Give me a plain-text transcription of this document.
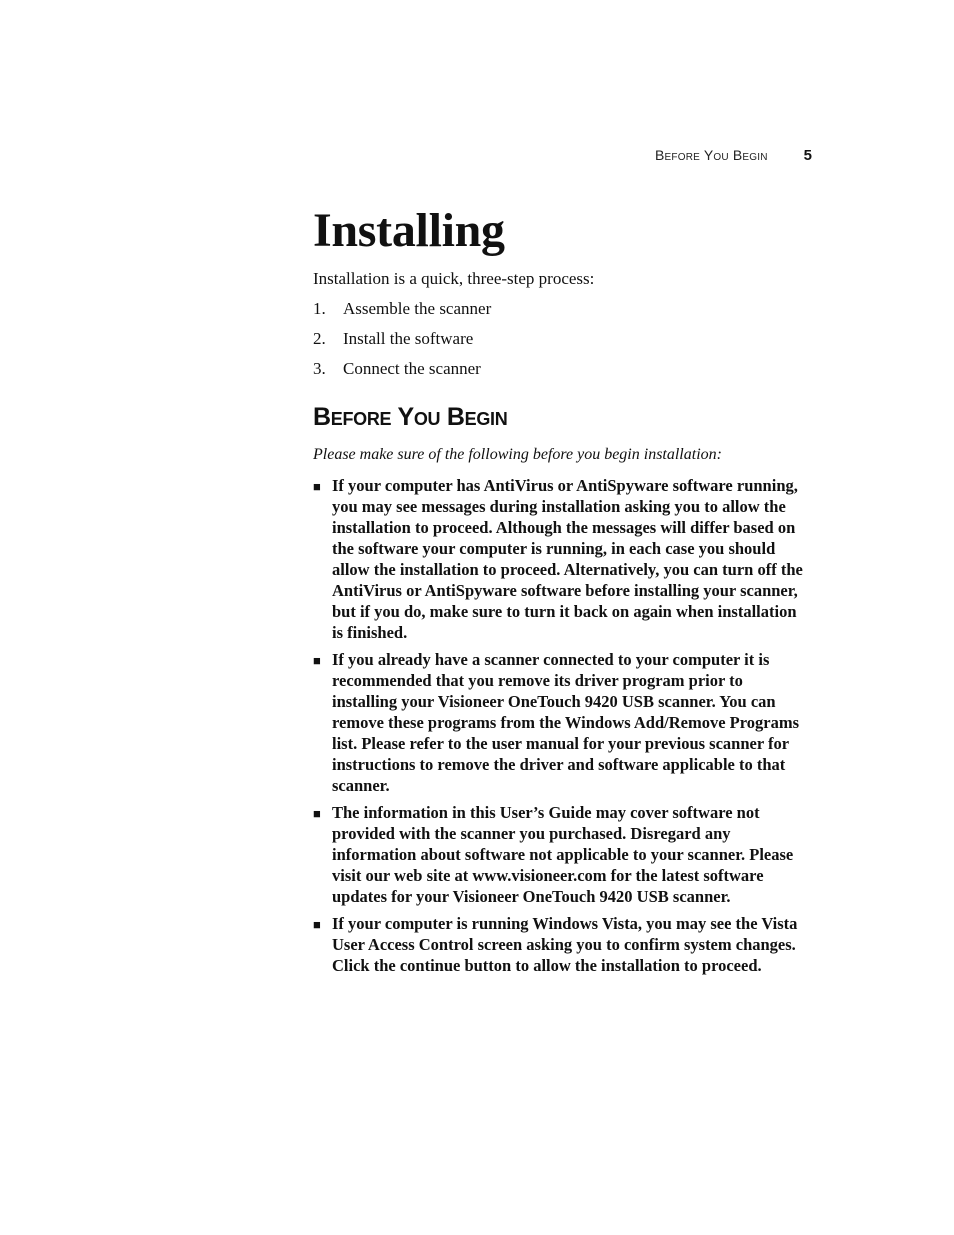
Before You Begin 5
Installing

Installation is a quick, three-step process:

1.	Assemble the scanner
2.	Install the software
3.	Connect the scanner
Before You Begin

Please make sure of the following before you begin installation:

■ If your computer has AntiVirus or AntiSpyware software running, you may see messages during installation asking you to allow the installation to proceed. Although the messages will differ based on the software your computer is running, in each case you should allow the installation to proceed. Alternatively, you can turn off the AntiVirus or AntiSpyware software before installing your scanner, but if you do, make sure to turn it back on again when installation is finished.
■ If you already have a scanner connected to your computer it is recommended that you remove its driver program prior to installing your Visioneer OneTouch 9420 USB scanner. You can remove these programs from the Windows Add/Remove Programs list. Please refer to the user manual for your previous scanner for instructions to remove the driver and software applicable to that scanner.
■ The information in this User’s Guide may cover software not provided with the scanner you purchased. Disregard any information about software not applicable to your scanner. Please visit our web site at www.visioneer.com for the latest software updates for your Visioneer OneTouch 9420 USB scanner.
■ If your computer is running Windows Vista, you may see the Vista User Access Control screen asking you to confirm system changes. Click the continue button to allow the installation to proceed.
